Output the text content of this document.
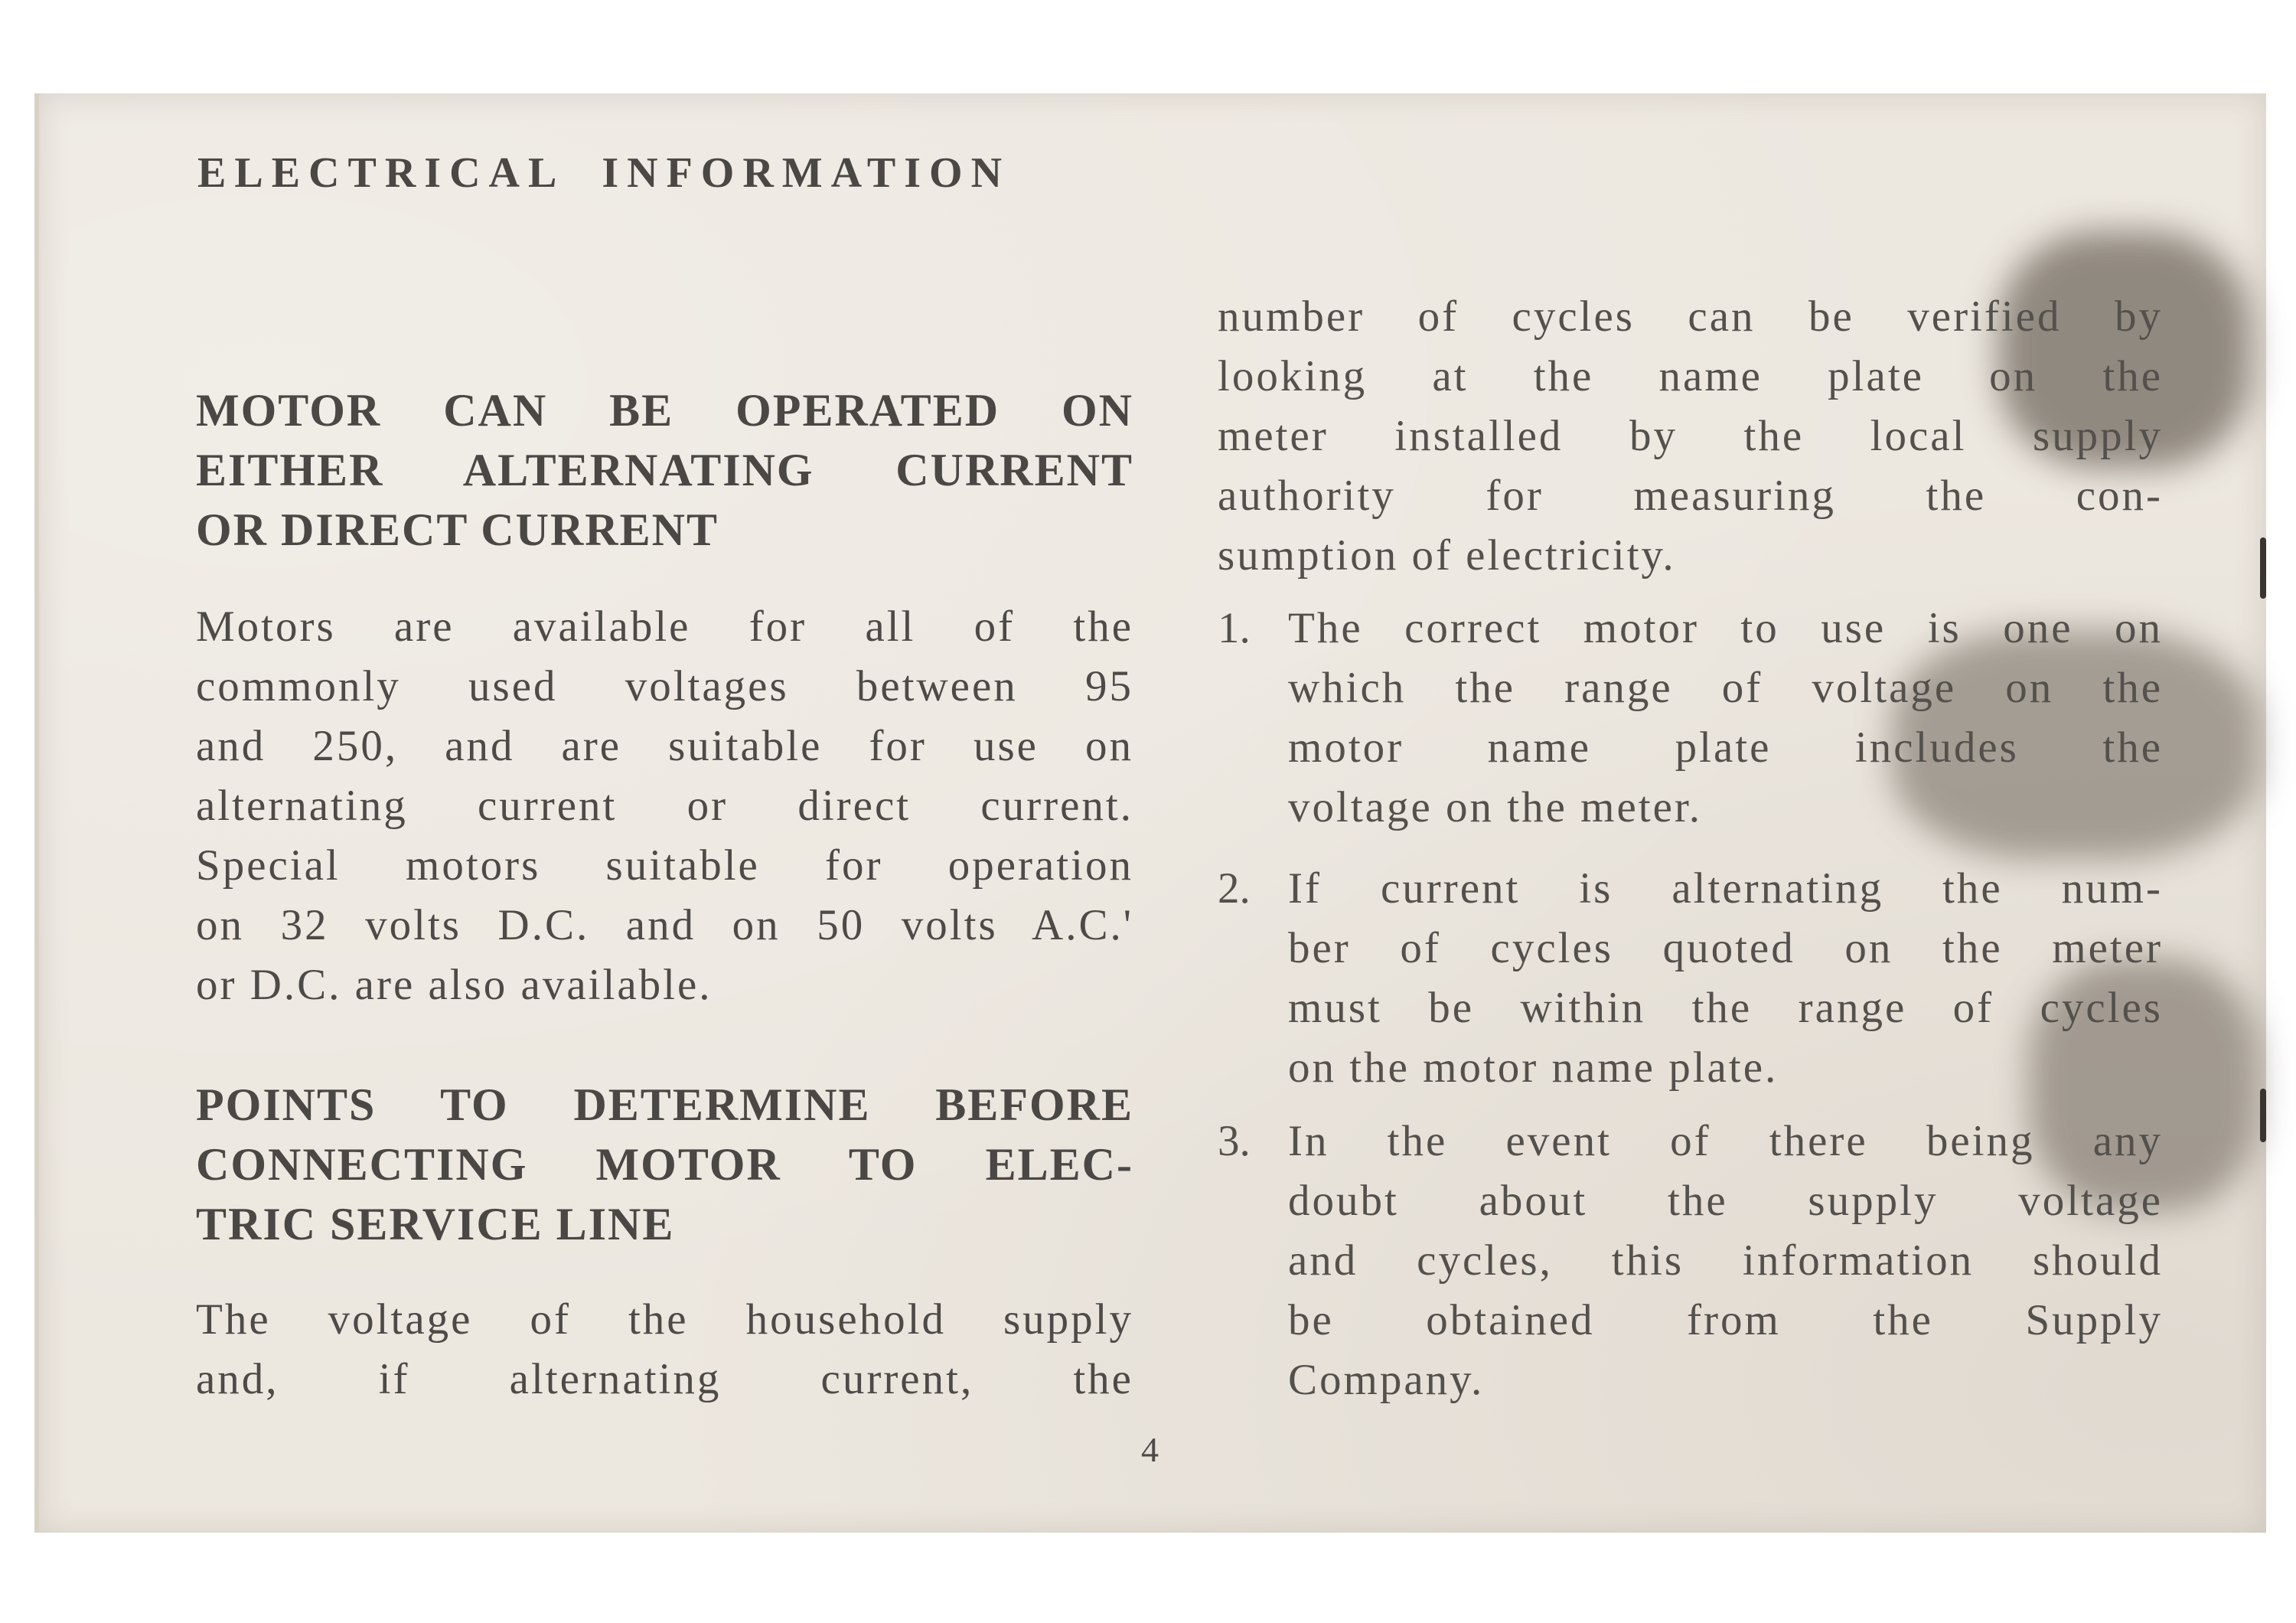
ELECTRICAL INFORMATION
MOTOR CAN BE OPERATED ON
EITHER ALTERNATING CURRENT
OR DIRECT CURRENT
Motors are available for all of the
commonly used voltages between 95
and 250, and are suitable for use on
alternating current or direct current.
Special motors suitable for operation
on 32 volts D.C. and on 50 volts A.C.'
or D.C. are also available.
POINTS TO DETERMINE BEFORE
CONNECTING MOTOR TO ELEC-
TRIC SERVICE LINE
The voltage of the household supply
and, if alternating current, the
number of cycles can be verified by
looking at the name plate on the
meter installed by the local supply
authority for measuring the con-
sumption of electricity.
1. The correct motor to use is one on
which the range of voltage on the
motor name plate includes the
voltage on the meter.
2. If current is alternating the num-
ber of cycles quoted on the meter
must be within the range of cycles
on the motor name plate.
3. In the event of there being any
doubt about the supply voltage
and cycles, this information should
be obtained from the Supply
Company.
4
